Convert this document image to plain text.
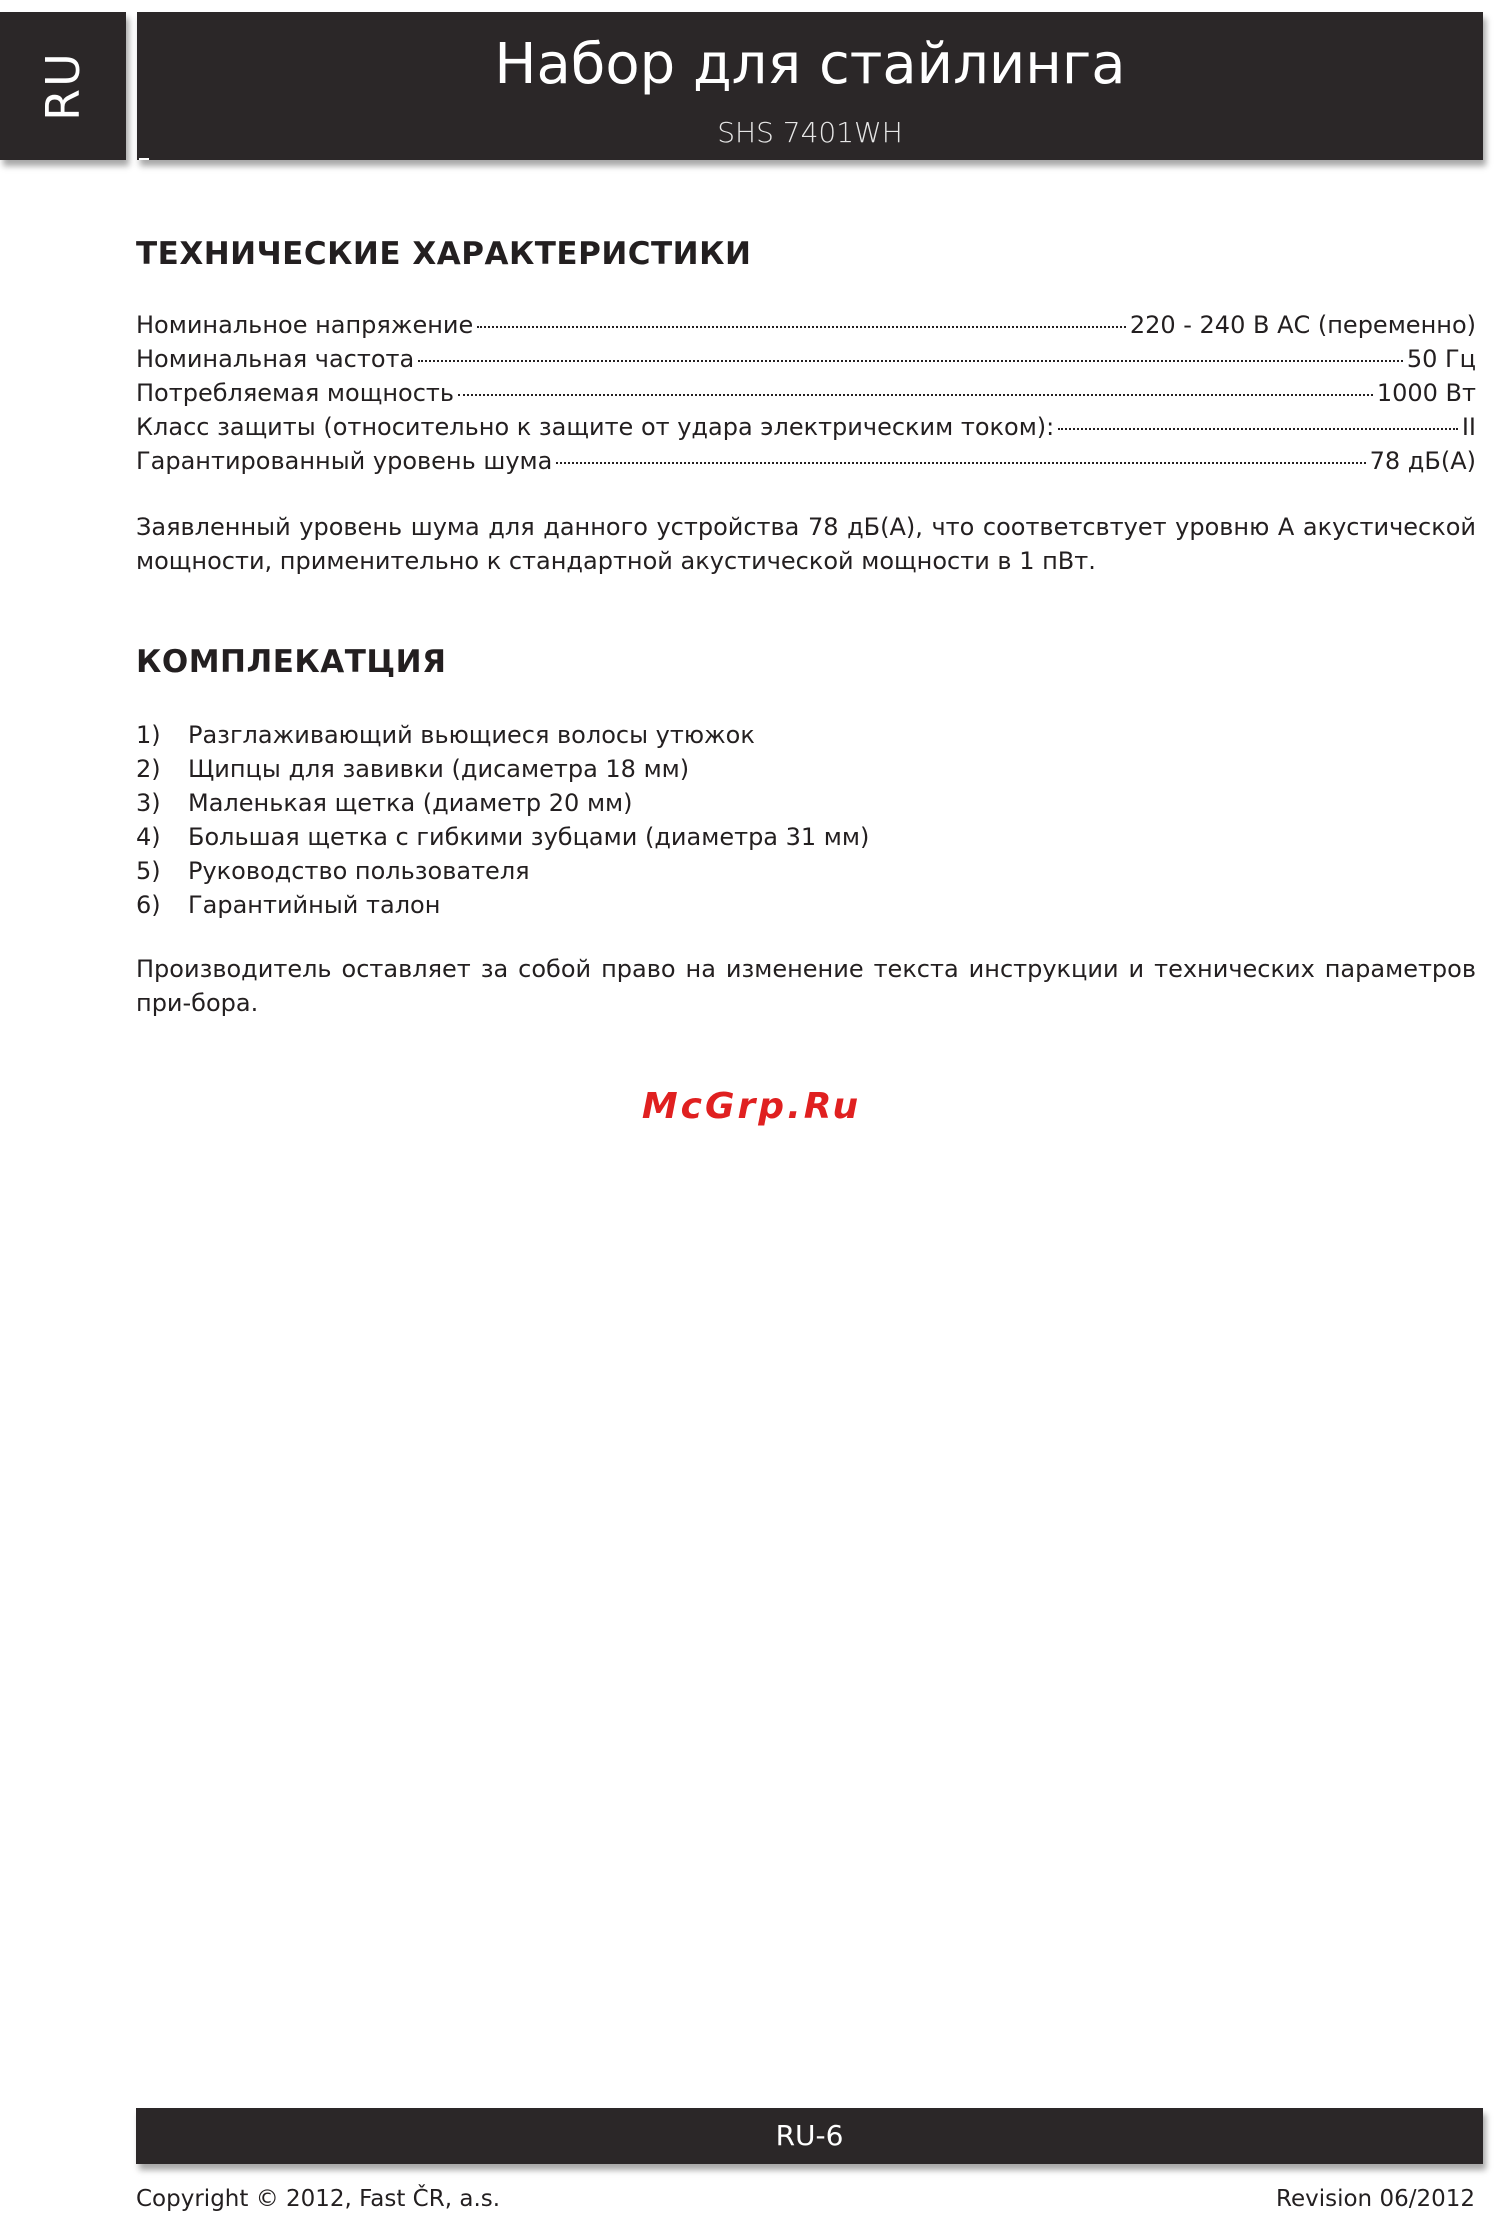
RU	Набор для стайлинга
SHS 7401WH
ТЕХНИЧЕСКИЕ ХАРАКТЕРИСТИКИ
Номинальное напряжение	220 - 240 В АС (переменно)
Номинальная частота	50 Гц
Потребляемая мощность	1000 Вт
Класс защиты (относительно к защите от удара электрическим током):	II
Гарантированный уровень шума	78 дБ(А)

Заявленный уровень шума для данного устройства 78 дБ(А), что соответсвтует уровню А акустической мощности, применительно к стандартной акустической мощности в 1 пВт.

КОМПЛЕКАТЦИЯ
1)	Разглаживающий вьющиеся волосы утюжок
2)	Щипцы для завивки (дисаметра 18 мм)
3)	Маленькая щетка (диаметр 20 мм)
4)	Большая щетка с гибкими зубцами (диаметра 31 мм)
5)	Руководство пользователя
6)	Гарантийный талон

Производитель оставляет за собой право на изменение текста инструкции и технических параметров при-бора.

McGrp.Ru
RU-6
Copyright © 2012, Fast ČR, a.s.	Revision 06/2012
